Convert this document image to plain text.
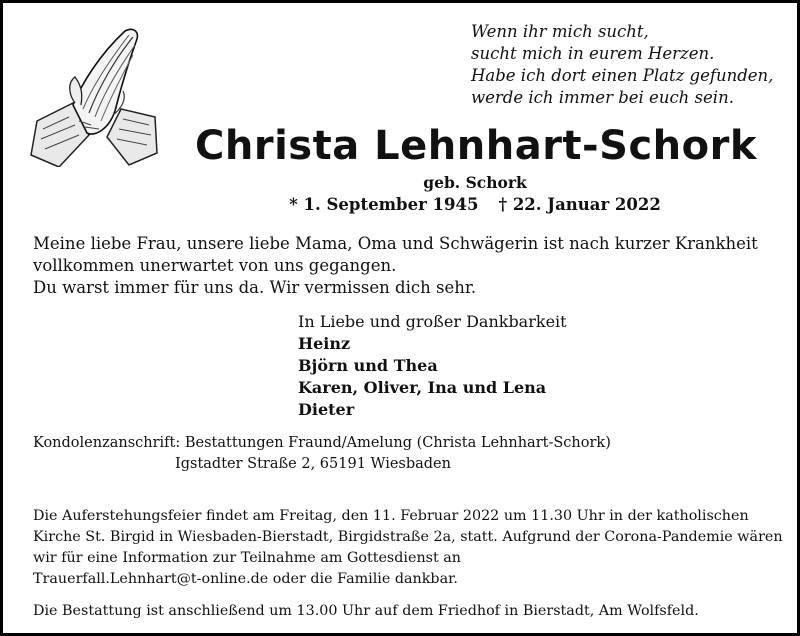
Wenn ihr mich sucht,
sucht mich in eurem Herzen.
Habe ich dort einen Platz gefunden,
werde ich immer bei euch sein.
Christa Lehnhart-Schork
geb. Schork
* 1. September 1945 † 22. Januar 2022
Meine liebe Frau, unsere liebe Mama, Oma und Schwägerin ist nach kurzer Krankheit
vollkommen unerwartet von uns gegangen.
Du warst immer für uns da. Wir vermissen dich sehr.
In Liebe und großer Dankbarkeit
Heinz
Björn und Thea
Karen, Oliver, Ina und Lena
Dieter
Kondolenzanschrift: Bestattungen Fraund/Amelung (Christa Lehnhart-Schork)
Igstadter Straße 2, 65191 Wiesbaden
Die Auferstehungsfeier findet am Freitag, den 11. Februar 2022 um 11.30 Uhr in der katholischen
Kirche St. Birgid in Wiesbaden-Bierstadt, Birgidstraße 2a, statt. Aufgrund der Corona-Pandemie wären
wir für eine Information zur Teilnahme am Gottesdienst an
Trauerfall.Lehnhart@t-online.de oder die Familie dankbar.
Die Bestattung ist anschließend um 13.00 Uhr auf dem Friedhof in Bierstadt, Am Wolfsfeld.
